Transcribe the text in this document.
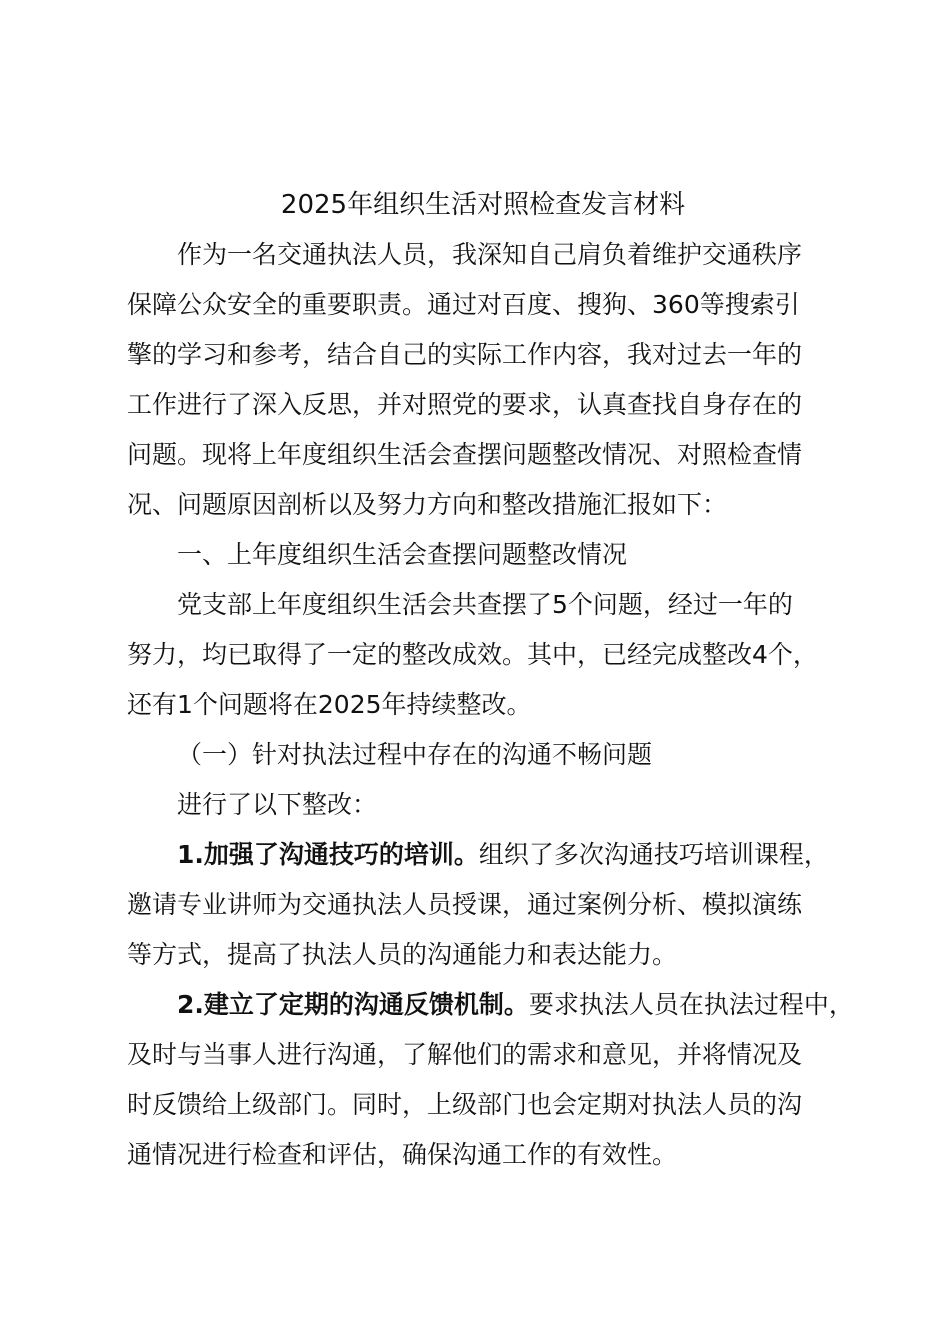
2025年组织生活对照检查发言材料
作为一名交通执法人员，我深知自己肩负着维护交通秩序
保障公众安全的重要职责。通过对百度、搜狗、360等搜索引
擎的学习和参考，结合自己的实际工作内容，我对过去一年的
工作进行了深入反思，并对照党的要求，认真查找自身存在的
问题。现将上年度组织生活会查摆问题整改情况、对照检查情
况、问题原因剖析以及努力方向和整改措施汇报如下：
一、上年度组织生活会查摆问题整改情况
党支部上年度组织生活会共查摆了5个问题，经过一年的
努力，均已取得了一定的整改成效。其中，已经完成整改4个，
还有1个问题将在2025年持续整改。
（一）针对执法过程中存在的沟通不畅问题
进行了以下整改：
1.加强了沟通技巧的培训。组织了多次沟通技巧培训课程，
邀请专业讲师为交通执法人员授课，通过案例分析、模拟演练
等方式，提高了执法人员的沟通能力和表达能力。
2.建立了定期的沟通反馈机制。要求执法人员在执法过程中，
及时与当事人进行沟通，了解他们的需求和意见，并将情况及
时反馈给上级部门。同时，上级部门也会定期对执法人员的沟
通情况进行检查和评估，确保沟通工作的有效性。
